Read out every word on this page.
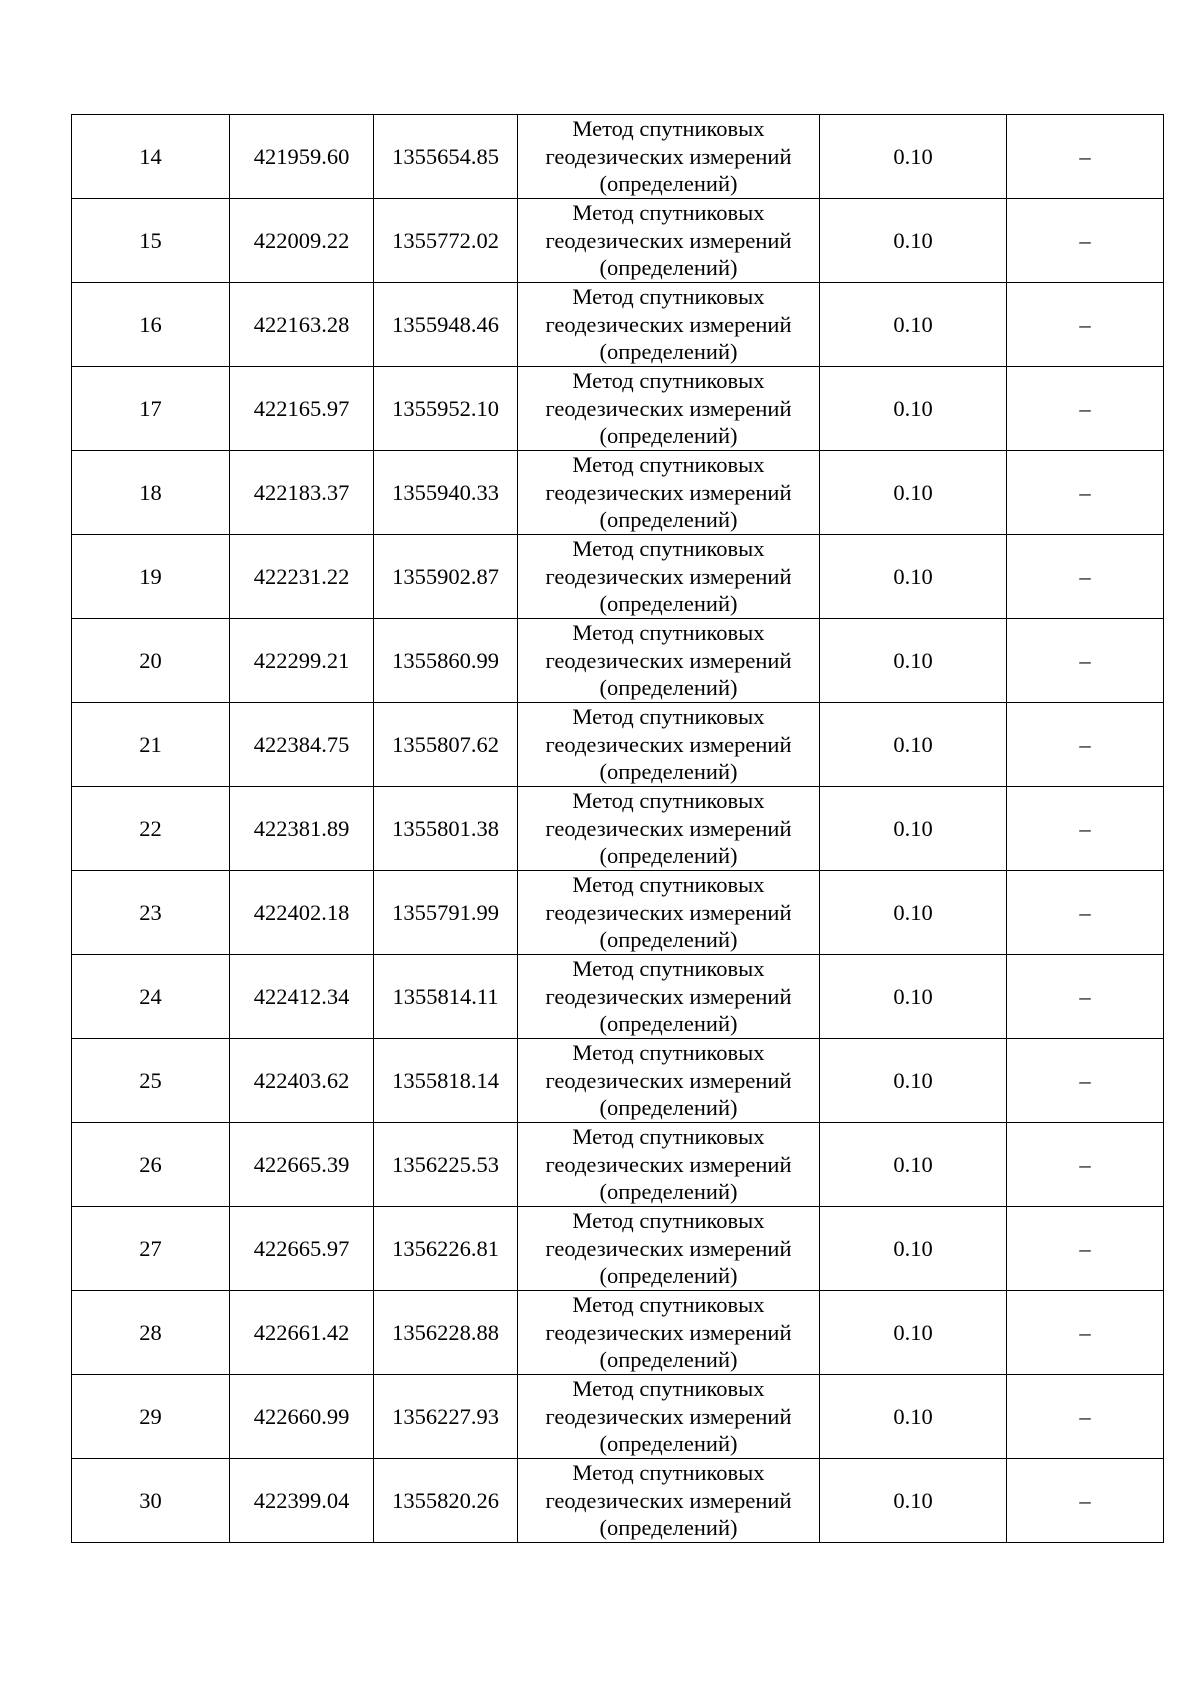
14	421959.60	1355654.85	Метод спутниковых
геодезических измерений
(определений)	0.10	–
15	422009.22	1355772.02	Метод спутниковых
геодезических измерений
(определений)	0.10	–
16	422163.28	1355948.46	Метод спутниковых
геодезических измерений
(определений)	0.10	–
17	422165.97	1355952.10	Метод спутниковых
геодезических измерений
(определений)	0.10	–
18	422183.37	1355940.33	Метод спутниковых
геодезических измерений
(определений)	0.10	–
19	422231.22	1355902.87	Метод спутниковых
геодезических измерений
(определений)	0.10	–
20	422299.21	1355860.99	Метод спутниковых
геодезических измерений
(определений)	0.10	–
21	422384.75	1355807.62	Метод спутниковых
геодезических измерений
(определений)	0.10	–
22	422381.89	1355801.38	Метод спутниковых
геодезических измерений
(определений)	0.10	–
23	422402.18	1355791.99	Метод спутниковых
геодезических измерений
(определений)	0.10	–
24	422412.34	1355814.11	Метод спутниковых
геодезических измерений
(определений)	0.10	–
25	422403.62	1355818.14	Метод спутниковых
геодезических измерений
(определений)	0.10	–
26	422665.39	1356225.53	Метод спутниковых
геодезических измерений
(определений)	0.10	–
27	422665.97	1356226.81	Метод спутниковых
геодезических измерений
(определений)	0.10	–
28	422661.42	1356228.88	Метод спутниковых
геодезических измерений
(определений)	0.10	–
29	422660.99	1356227.93	Метод спутниковых
геодезических измерений
(определений)	0.10	–
30	422399.04	1355820.26	Метод спутниковых
геодезических измерений
(определений)	0.10	–
